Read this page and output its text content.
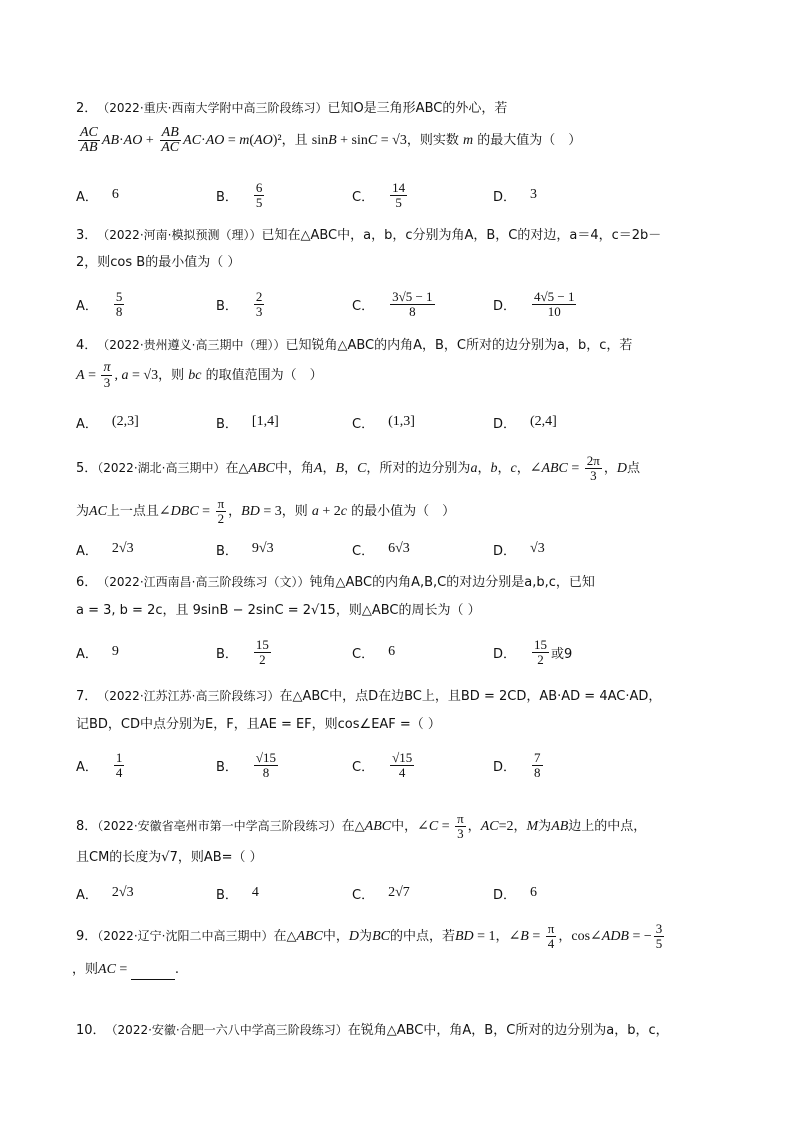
2． （2022·重庆·西南大学附中高三阶段练习）已知O是三角形ABC的外心，若
$\frac{AC}{AB} AB\cdot AO + \frac{AB}{AC} AC\cdot AO = m(AO)^2$，且 sinB + sinC = √3，则实数 m 的最大值为（　）
A． 6	B． $\frac{6}{5}$	C． $\frac{14}{5}$	D． 3
3． （2022·河南·模拟预测（理））已知在△ABC中，a，b，c分别为角A，B，C的对边，a＝4，c＝2b－
2，则cos B的最小值为（ ）
A． $\frac{5}{8}$	B． $\frac{2}{3}$	C． $\frac{3√5 - 1}{8}$	D． $\frac{4√5 - 1}{10}$
4． （2022·贵州遵义·高三期中（理））已知锐角△ABC的内角A，B，C所对的边分别为a，b，c，若
$A = \frac{\pi}{3}$ , a = √3，则 bc 的取值范围为（　）
A． (2,3]	B． [1,4]	C． (1,3]	D． (2,4]
5．（2022·湖北·高三期中）在△ABC中，角A，B，C，所对的边分别为a，b，c，∠ABC = $\frac{2\pi}{3}$ ，D点
为AC上一点且∠DBC = $\frac{\pi}{2}$ ，BD = 3，则 a + 2c 的最小值为（　）
A． 2√3	B． 9√3	C． 6√3	D． √3
6． （2022·江西南昌·高三阶段练习（文））钝角△ABC的内角A,B,C的对边分别是a,b,c，已知
a = 3, b = 2c，且 9sinB − 2sinC = 2√15，则△ABC的周长为（ ）
A． 9	B． $\frac{15}{2}$	C． 6	D． $\frac{15}{2}$ 或9
7． （2022·江苏江苏·高三阶段练习）在△ABC中，点D在边BC上，且BD = 2CD，AB·AD = 4AC·AD，
记BD，CD中点分别为E，F，且AE = EF，则cos∠EAF =（ ）
A． $\frac{1}{4}$	B． $\frac{√15}{8}$	C． $\frac{√15}{4}$	D． $\frac{7}{8}$
8．（2022·安徽省亳州市第一中学高三阶段练习）在△ABC中，∠C = $\frac{\pi}{3}$ ，AC=2，M为AB边上的中点，
且CM的长度为√7，则AB=（ ）
A． 2√3	B． 4	C． 2√7	D． 6
9．（2022·辽宁·沈阳二中高三期中）在△ABC中，D为BC的中点，若BD = 1，∠B = $\frac{\pi}{4}$ ，cos∠ADB = − $\frac{3}{5}$
，则AC =	.
10． （2022·安徽·合肥一六八中学高三阶段练习）在锐角△ABC中，角A，B，C所对的边分别为a，b，c，
